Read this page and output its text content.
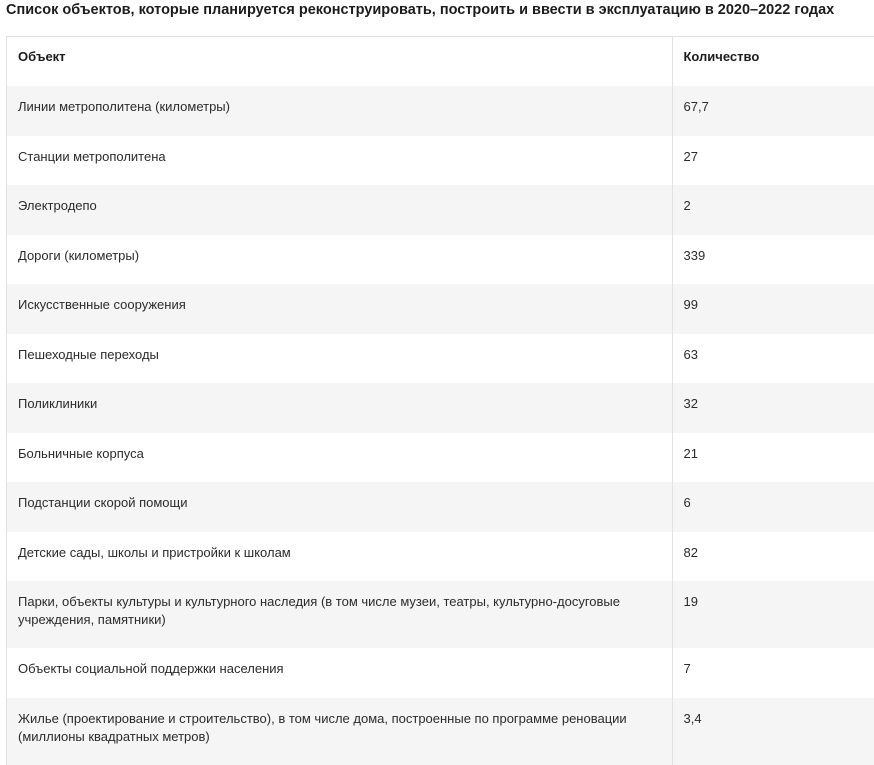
Список объектов, которые планируется реконструировать, построить и ввести в эксплуатацию в 2020–2022 годах
Объект	Количество
Линии метрополитена (километры)	67,7
Станции метрополитена	27
Электродепо	2
Дороги (километры)	339
Искусственные сооружения	99
Пешеходные переходы	63
Поликлиники	32
Больничные корпуса	21
Подстанции скорой помощи	6
Детские сады, школы и пристройки к школам	82
Парки, объекты культуры и культурного наследия (в том числе музеи, театры, культурно-досуговые учреждения, памятники)	19
Объекты социальной поддержки населения	7
Жилье (проектирование и строительство), в том числе дома, построенные по программе реновации (миллионы квадратных метров)	3,4
